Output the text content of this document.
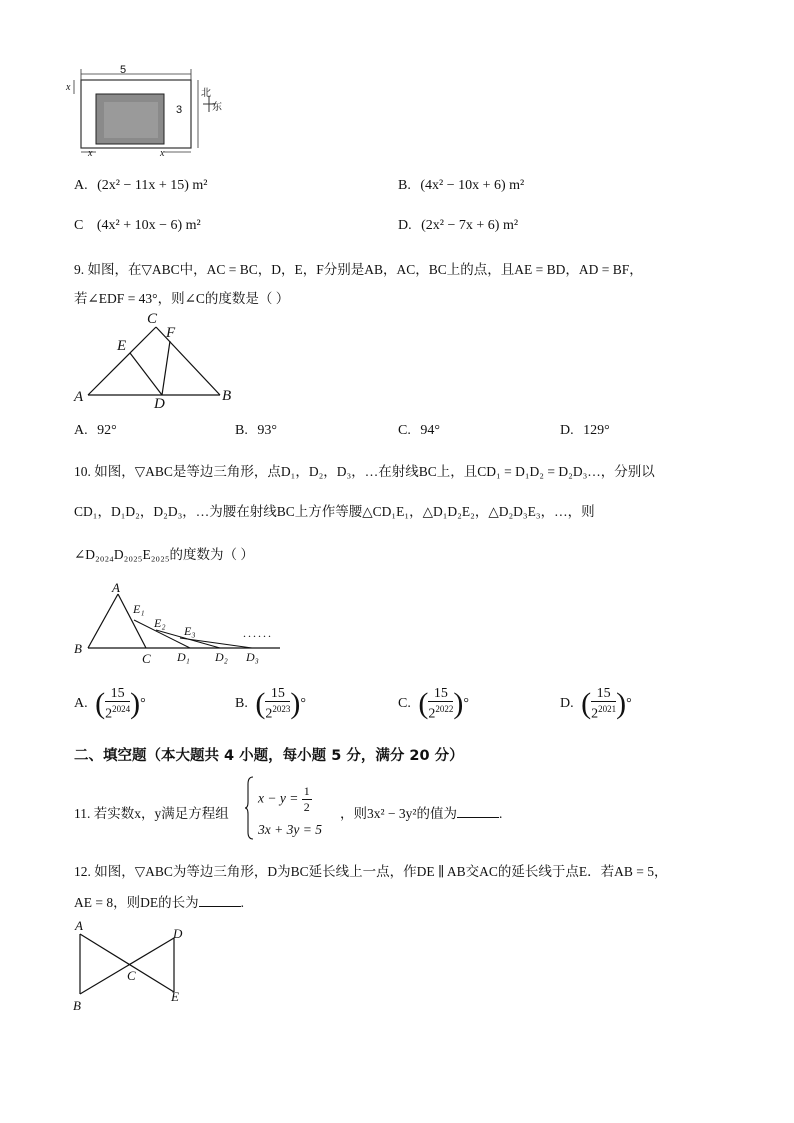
5
3
x
x	x
北
东
A. (2x² − 11x + 15) m²	B. (4x² − 10x + 6) m²
C (4x² + 10x − 6) m²	D. (2x² − 7x + 6) m²
9. 如图，在▽ABC中，AC = BC，D，E，F分别是AB，AC，BC上的点，且AE = BD，AD = BF，
若∠EDF = 43°，则∠C的度数是（ ）
C
F
E
A	D	B
A. 92°	B. 93°	C. 94°	D. 129°
10. 如图，▽ABC是等边三角形，点D₁，D₂，D₃，…在射线BC上，且CD₁ = D₁D₂ = D₂D₃…，分别以
CD₁，D₁D₂，D₂D₃，…为腰在射线BC上方作等腰△CD₁E₁，△D₁D₂E₂，△D₂D₃E₃，…，则
∠D₂₀₂₄D₂₀₂₅E₂₀₂₅的度数为（ ）
A
E₁
E₂
E₃
B
C D₁ D₂ D₃
......
A. ( $\frac{15}{2^{2024}}$ )°	B. ( $\frac{15}{2^{2023}}$ )°	C. ( $\frac{15}{2^{2022}}$ )°	D. ( $\frac{15}{2^{2021}}$ )°
二、填空题（本大题共 4 小题，每小题 5 分，满分 20 分）
11. 若实数x，y满足方程组
$x - y = \frac{1}{2}$
3x + 3y = 5
，则3x² − 3y²的值为	.
12. 如图，▽ABC为等边三角形，D为BC延长线上一点，作DE ∥ AB交AC的延长线于点E．若AB = 5，
AE = 8，则DE的长为	.
A
D
C
B
E
